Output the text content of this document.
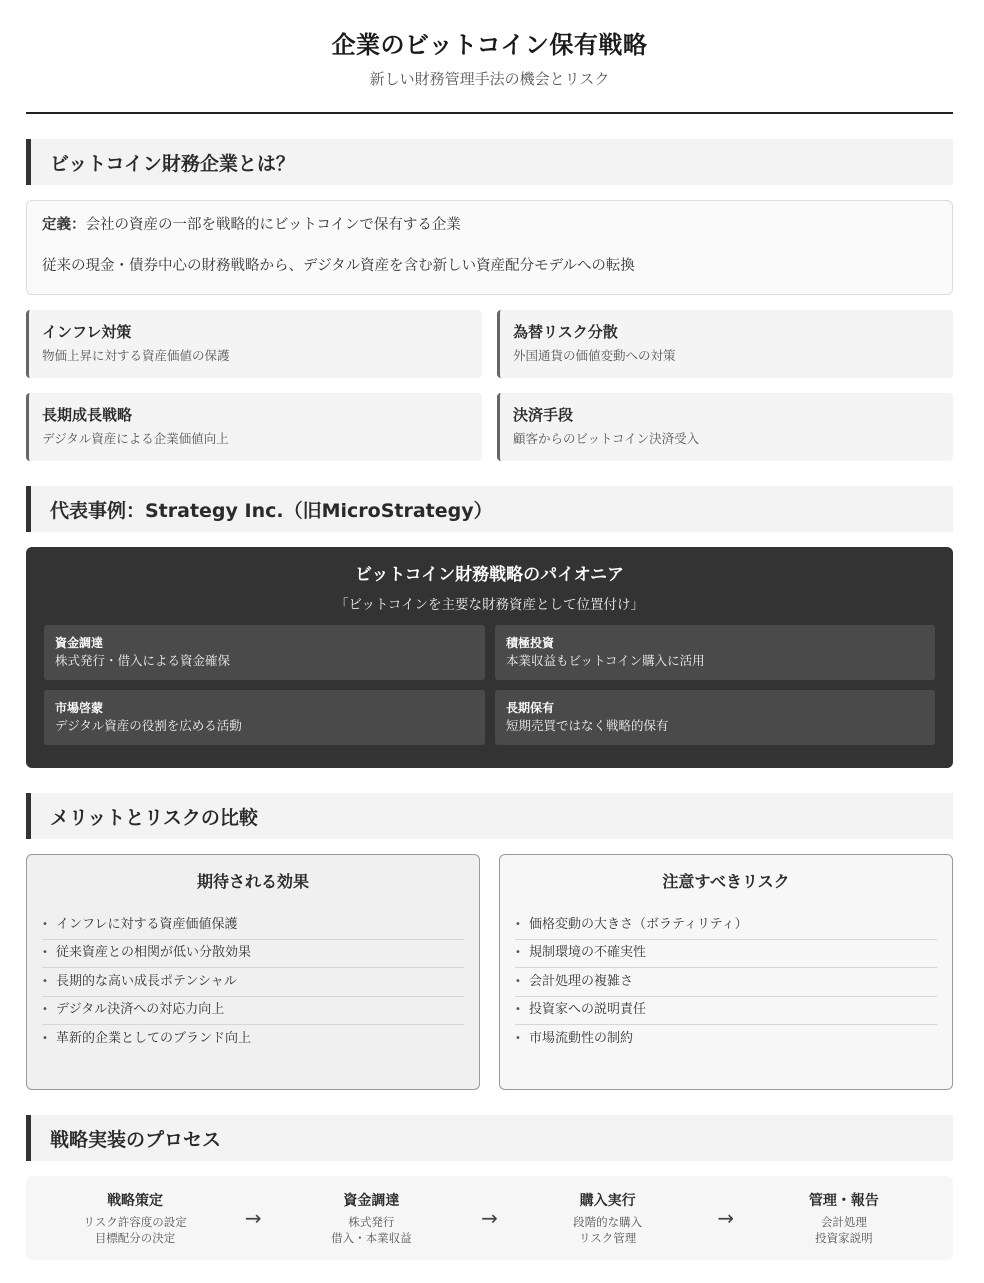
企業のビットコイン保有戦略
新しい財務管理手法の機会とリスク
ビットコイン財務企業とは？
定義：会社の資産の一部を戦略的にビットコインで保有する企業
従来の現金・債券中心の財務戦略から、デジタル資産を含む新しい資産配分モデルへの転換
インフレ対策
物価上昇に対する資産価値の保護
為替リスク分散
外国通貨の価値変動への対策
長期成長戦略
デジタル資産による企業価値向上
決済手段
顧客からのビットコイン決済受入
代表事例：Strategy Inc.（旧MicroStrategy）
ビットコイン財務戦略のパイオニア
「ビットコインを主要な財務資産として位置付け」
資金調達
株式発行・借入による資金確保
積極投資
本業収益もビットコイン購入に活用
市場啓蒙
デジタル資産の役割を広める活動
長期保有
短期売買ではなく戦略的保有
メリットとリスクの比較
期待される効果
• インフレに対する資産価値保護
• 従来資産との相関が低い分散効果
• 長期的な高い成長ポテンシャル
• デジタル決済への対応力向上
• 革新的企業としてのブランド向上
注意すべきリスク
• 価格変動の大きさ（ボラティリティ）
• 規制環境の不確実性
• 会計処理の複雑さ
• 投資家への説明責任
• 市場流動性の制約
戦略実装のプロセス
戦略策定
リスク許容度の設定
目標配分の決定
→
資金調達
株式発行
借入・本業収益
→
購入実行
段階的な購入
リスク管理
→
管理・報告
会計処理
投資家説明
